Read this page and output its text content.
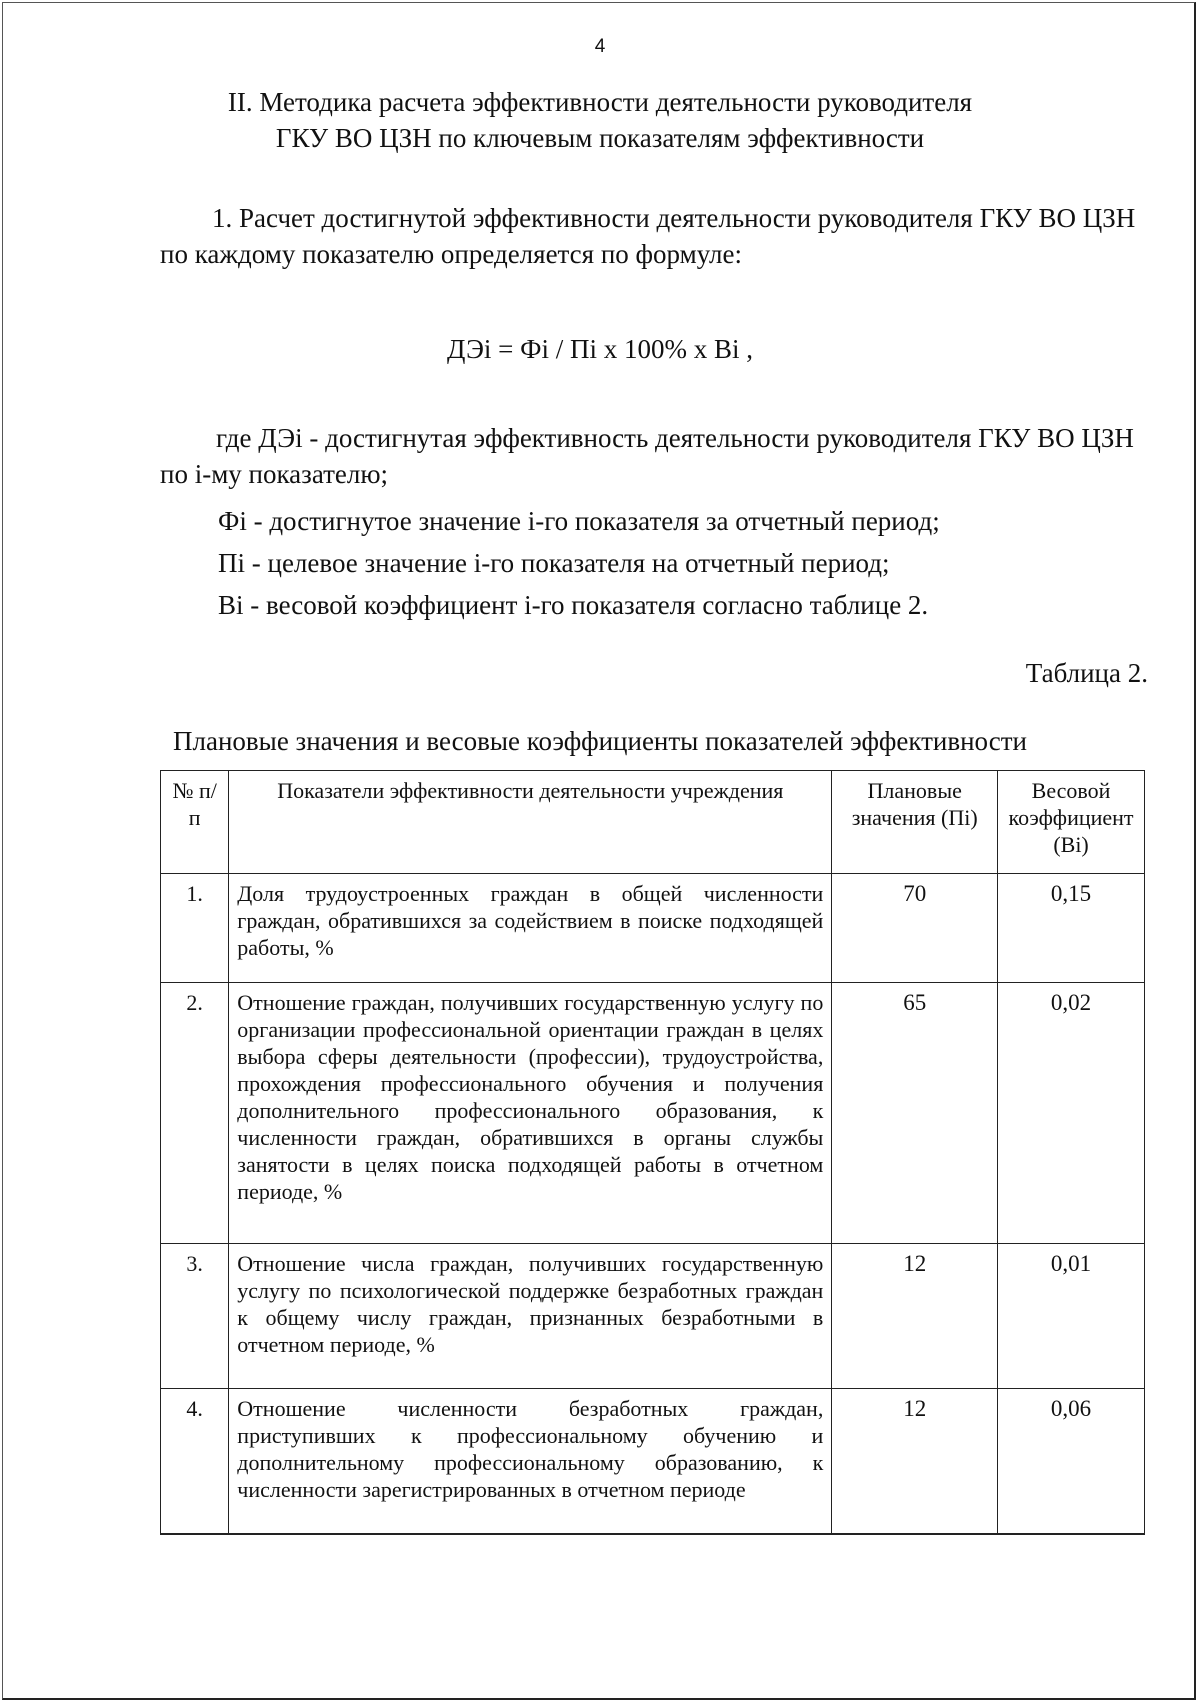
4
II. Методика расчета эффективности деятельности руководителя
ГКУ ВО ЦЗН по ключевым показателям эффективности
1. Расчет достигнутой эффективности деятельности руководителя ГКУ ВО ЦЗН по каждому показателю определяется по формуле:
ДЭi = Фi / Пi x 100% x Вi ,
где ДЭi - достигнутая эффективность деятельности руководителя ГКУ ВО ЦЗН по i-му показателю;
Фi - достигнутое значение i-го показателя за отчетный период;
Пi - целевое значение i-го показателя на отчетный период;
Вi - весовой коэффициент i-го показателя согласно таблице 2.
Таблица 2.
Плановые значения и весовые коэффициенты показателей эффективности
№ п/п	Показатели эффективности деятельности учреждения	Плановые значения (Пi)	Весовой коэффициент (Вi)
1.	Доля трудоустроенных граждан в общей численности граждан, обратившихся за содействием в поиске подходящей работы, %	70	0,15
2.	Отношение граждан, получивших государственную услугу по организации профессиональной ориентации граждан в целях выбора сферы деятельности (профессии), трудоустройства, прохождения профессионального обучения и получения дополнительного профессионального образования, к численности граждан, обратившихся в органы службы занятости в целях поиска подходящей работы в отчетном периоде, %	65	0,02
3.	Отношение числа граждан, получивших государственную услугу по психологической поддержке безработных граждан к общему числу граждан, признанных безработными в отчетном периоде, %	12	0,01
4.	Отношение численности безработных граждан, приступивших к профессиональному обучению и дополнительному профессиональному образованию, к численности зарегистрированных в отчетном периоде	12	0,06
